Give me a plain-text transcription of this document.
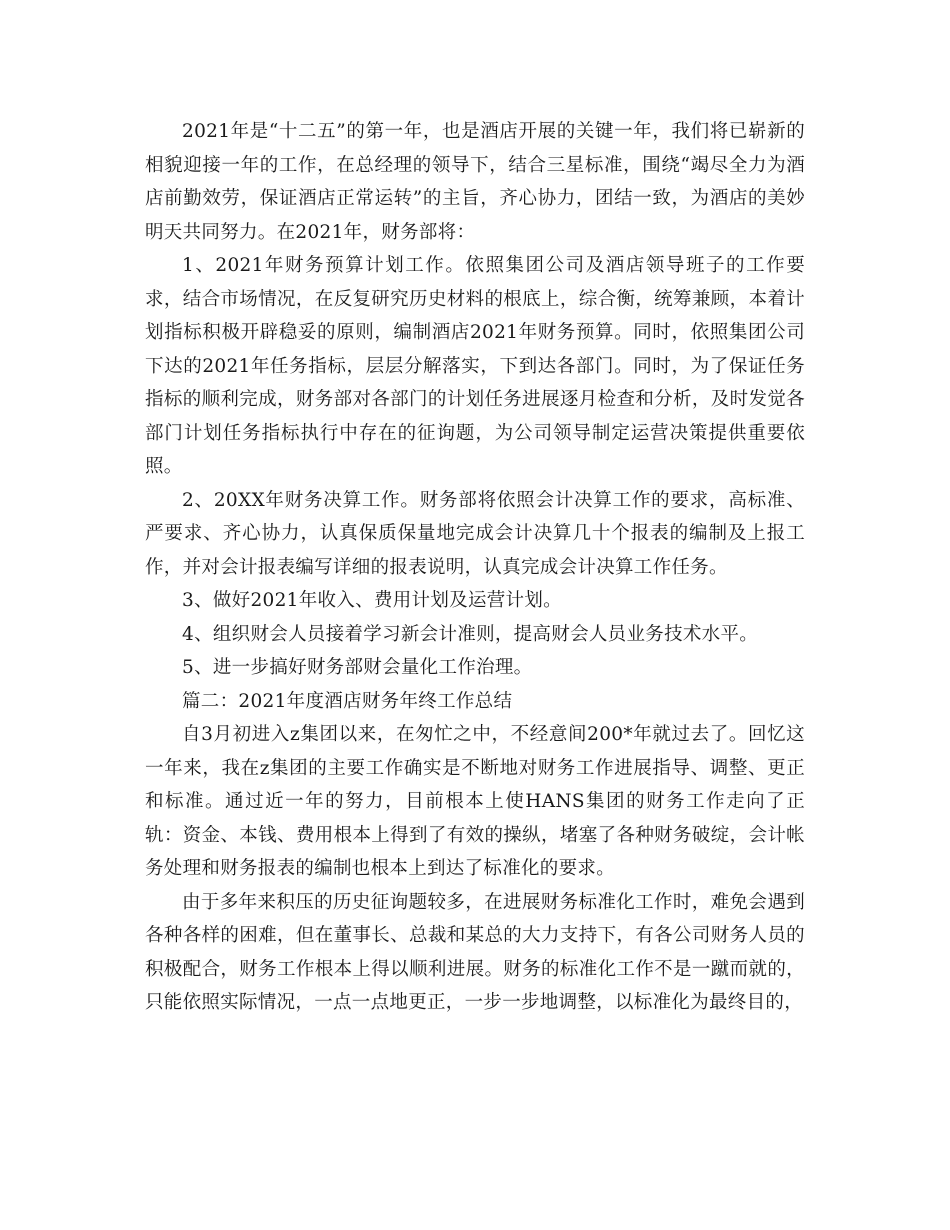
2021年是“十二五”的第一年，也是酒店开展的关键一年，我们将已崭新的相貌迎接一年的工作，在总经理的领导下，结合三星标准，围绕“竭尽全力为酒店前勤效劳，保证酒店正常运转”的主旨，齐心协力，团结一致，为酒店的美妙明天共同努力。在2021年，财务部将：

1、2021年财务预算计划工作。依照集团公司及酒店领导班子的工作要求，结合市场情况，在反复研究历史材料的根底上，综合衡，统筹兼顾，本着计划指标积极开辟稳妥的原则，编制酒店2021年财务预算。同时，依照集团公司下达的2021年任务指标，层层分解落实，下到达各部门。同时，为了保证任务指标的顺利完成，财务部对各部门的计划任务进展逐月检查和分析，及时发觉各部门计划任务指标执行中存在的征询题，为公司领导制定运营决策提供重要依照。

2、20XX年财务决算工作。财务部将依照会计决算工作的要求，高标准、严要求、齐心协力，认真保质保量地完成会计决算几十个报表的编制及上报工作，并对会计报表编写详细的报表说明，认真完成会计决算工作任务。

3、做好2021年收入、费用计划及运营计划。

4、组织财会人员接着学习新会计准则，提高财会人员业务技术水平。

5、进一步搞好财务部财会量化工作治理。

篇二：2021年度酒店财务年终工作总结

自3月初进入z集团以来，在匆忙之中，不经意间200*年就过去了。回忆这一年来，我在z集团的主要工作确实是不断地对财务工作进展指导、调整、更正和标准。通过近一年的努力，目前根本上使HANS集团的财务工作走向了正轨：资金、本钱、费用根本上得到了有效的操纵，堵塞了各种财务破绽，会计帐务处理和财务报表的编制也根本上到达了标准化的要求。

由于多年来积压的历史征询题较多，在进展财务标准化工作时，难免会遇到各种各样的困难，但在董事长、总裁和某总的大力支持下，有各公司财务人员的积极配合，财务工作根本上得以顺利进展。财务的标准化工作不是一蹴而就的，只能依照实际情况，一点一点地更正，一步一步地调整，以标准化为最终目的，
